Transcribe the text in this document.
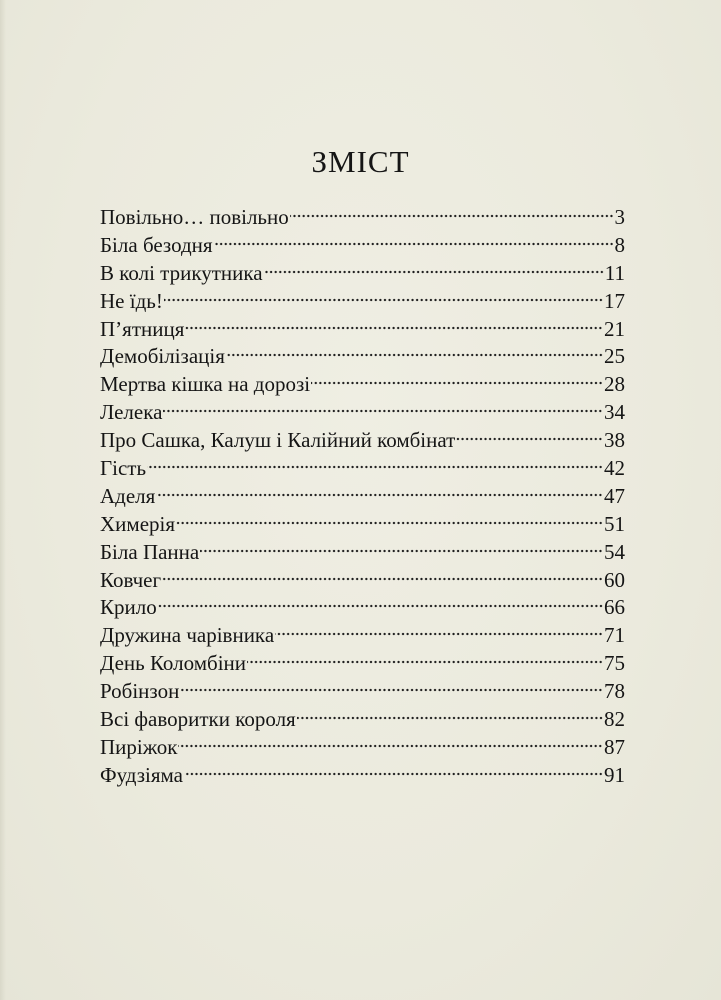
ЗМІСТ
Повільно… повільно	3
Біла безодня	8
В колі трикутника	11
Не їдь!	17
П’ятниця	21
Демобілізація	25
Мертва кішка на дорозі	28
Лелека	34
Про Сашка, Калуш і Калійний комбінат	38
Гість	42
Аделя	47
Химерія	51
Біла Панна	54
Ковчег	60
Крило	66
Дружина чарівника	71
День Коломбіни	75
Робінзон	78
Всі фаворитки короля	82
Пиріжок	87
Фудзіяма	91
